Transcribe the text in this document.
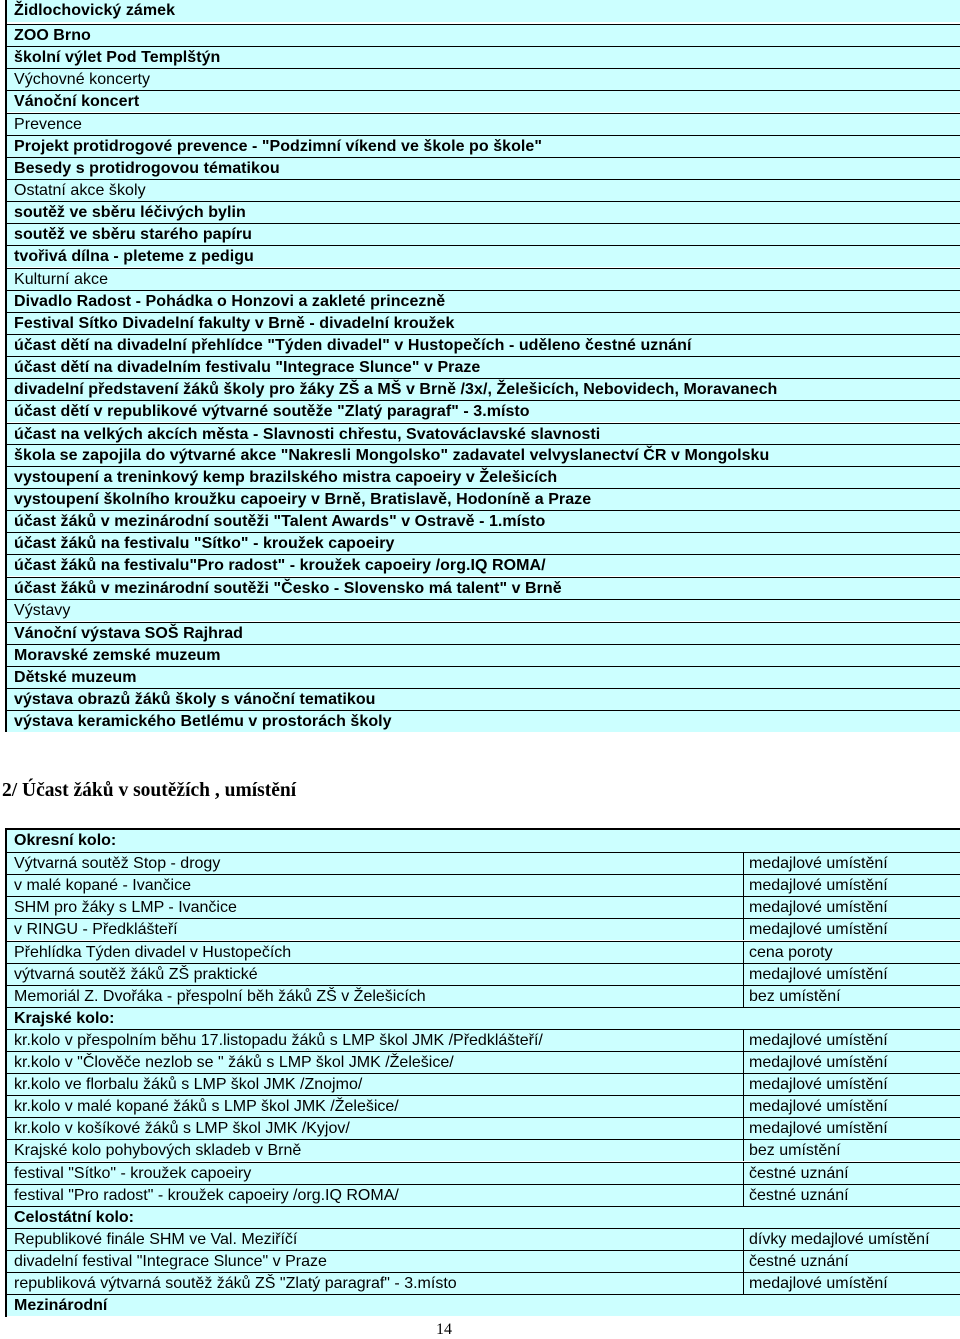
Židlochovický zámek
ZOO Brno
školní výlet Pod Templštýn
Výchovné koncerty
Vánoční koncert
Prevence
Projekt protidrogové prevence - "Podzimní víkend ve škole po škole"
Besedy s protidrogovou tématikou
Ostatní akce školy
soutěž ve sběru léčivých bylin
soutěž ve sběru starého papíru
tvořivá dílna - pleteme z pedigu
Kulturní akce
Divadlo Radost - Pohádka o Honzovi a zakleté princezně
Festival Sítko Divadelní fakulty v Brně - divadelní kroužek
účast dětí na divadelní přehlídce "Týden divadel" v Hustopečích - uděleno čestné uznání
účast dětí na divadelním festivalu "Integrace Slunce" v Praze
divadelní představení žáků školy pro žáky ZŠ a MŠ v Brně /3x/, Želešicích, Nebovidech, Moravanech
účast dětí v republikové výtvarné soutěže "Zlatý paragraf" - 3.místo
účast na velkých akcích města - Slavnosti chřestu, Svatováclavské slavnosti
škola se zapojila do výtvarné akce "Nakresli Mongolsko" zadavatel velvyslanectví ČR v Mongolsku
vystoupení a treninkový kemp brazilského mistra capoeiry v Želešicích
vystoupení školního kroužku capoeiry v Brně, Bratislavě, Hodoníně a Praze
účast žáků v mezinárodní soutěži "Talent Awards" v Ostravě - 1.místo
účast žáků na festivalu "Sítko" - kroužek capoeiry
účast žáků na festivalu"Pro radost" - kroužek capoeiry /org.IQ ROMA/
účast žáků v mezinárodní soutěži "Česko - Slovensko má talent" v Brně
Výstavy
Vánoční výstava SOŠ Rajhrad
Moravské zemské muzeum
Dětské muzeum
výstava obrazů žáků školy s vánoční tematikou
výstava keramického Betlému v prostorách školy
2/ Účast žáků v soutěžích , umístění
Okresní kolo:
Výtvarná soutěž Stop - drogy	medajlové umístění
v malé kopané - Ivančice	medajlové umístění
SHM pro žáky s LMP - Ivančice	medajlové umístění
v RINGU - Předklášteří	medajlové umístění
Přehlídka Týden divadel v Hustopečích	cena poroty
výtvarná soutěž žáků ZŠ praktické	medajlové umístění
Memoriál Z. Dvořáka - přespolní běh žáků ZŠ v Želešicích	bez umístění
Krajské kolo:
kr.kolo v přespolním běhu 17.listopadu žáků s LMP škol JMK /Předklášteří/	medajlové umístění
kr.kolo v "Člověče nezlob se " žáků s LMP škol JMK /Želešice/	medajlové umístění
kr.kolo ve florbalu žáků s LMP škol JMK /Znojmo/	medajlové umístění
kr.kolo v malé kopané žáků s LMP škol JMK /Želešice/	medajlové umístění
kr.kolo v košíkové žáků s LMP škol JMK /Kyjov/	medajlové umístění
Krajské kolo pohybových skladeb v Brně	bez umístění
festival "Sítko" - kroužek capoeiry	čestné uznání
festival "Pro radost" - kroužek capoeiry /org.IQ ROMA/	čestné uznání
Celostátní kolo:
Republikové finále SHM ve Val. Meziříčí	dívky medajlové umístění
divadelní festival "Integrace Slunce" v Praze	čestné uznání
republiková výtvarná soutěž žáků ZŠ "Zlatý paragraf" - 3.místo	medajlové umístění
Mezinárodní
14
